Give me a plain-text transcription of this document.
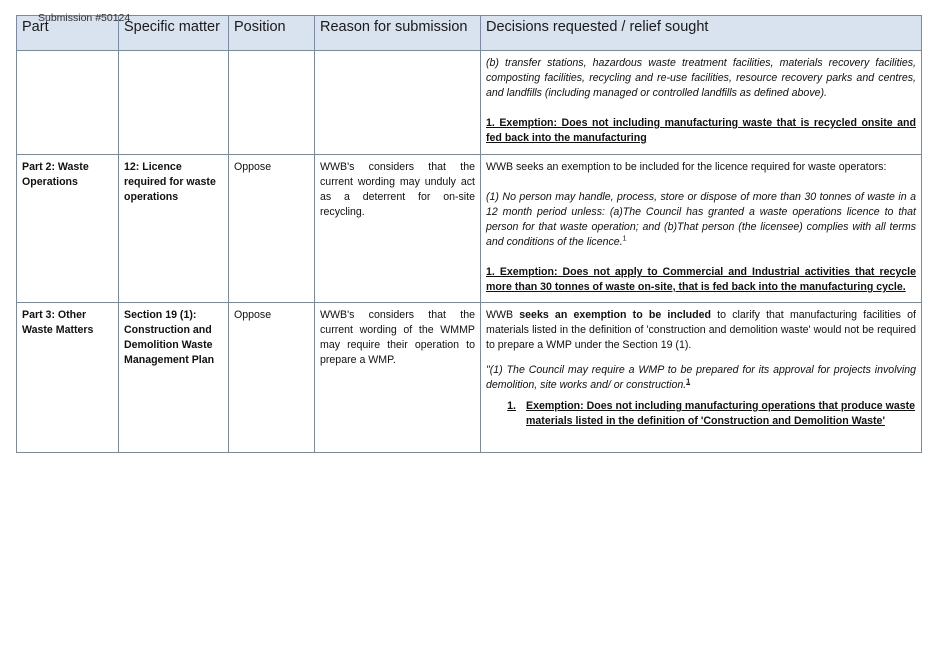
Submission #50124
Part	Specific matter	Position	Reason for submission	Decisions requested / relief sought

				(b) transfer stations, hazardous waste treatment facilities, materials recovery facilities, composting facilities, recycling and re-use facilities, resource recovery parks and centres, and landfills (including managed or controlled landfills as defined above).

1. Exemption: Does not including manufacturing waste that is recycled onsite and fed back into the manufacturing

Part 2: Waste Operations	12: Licence required for waste operations	Oppose	WWB's considers that the current wording may unduly act as a deterrent for on-site recycling.	WWB seeks an exemption to be included for the licence required for waste operators:

(1) No person may handle, process, store or dispose of more than 30 tonnes of waste in a 12 month period unless: (a)The Council has granted a waste operations licence to that person for that waste operation; and (b)That person (the licensee) complies with all terms and conditions of the licence.$^1$

1. Exemption: Does not apply to Commercial and Industrial activities that recycle more than 30 tonnes of waste on-site, that is fed back into the manufacturing cycle.

Part 3: Other Waste Matters	Section 19 (1): Construction and Demolition Waste Management Plan	Oppose	WWB's considers that the current wording of the WMMP may require their operation to prepare a WMP.	WWB seeks an exemption to be included to clarify that manufacturing facilities of materials listed in the definition of 'construction and demolition waste' would not be required to prepare a WMP under the Section 19 (1).

"(1) The Council may require a WMP to be prepared for its approval for projects involving demolition, site works and/ or construction.$^1$

1. Exemption: Does not including manufacturing operations that produce waste materials listed in the definition of 'Construction and Demolition Waste'
